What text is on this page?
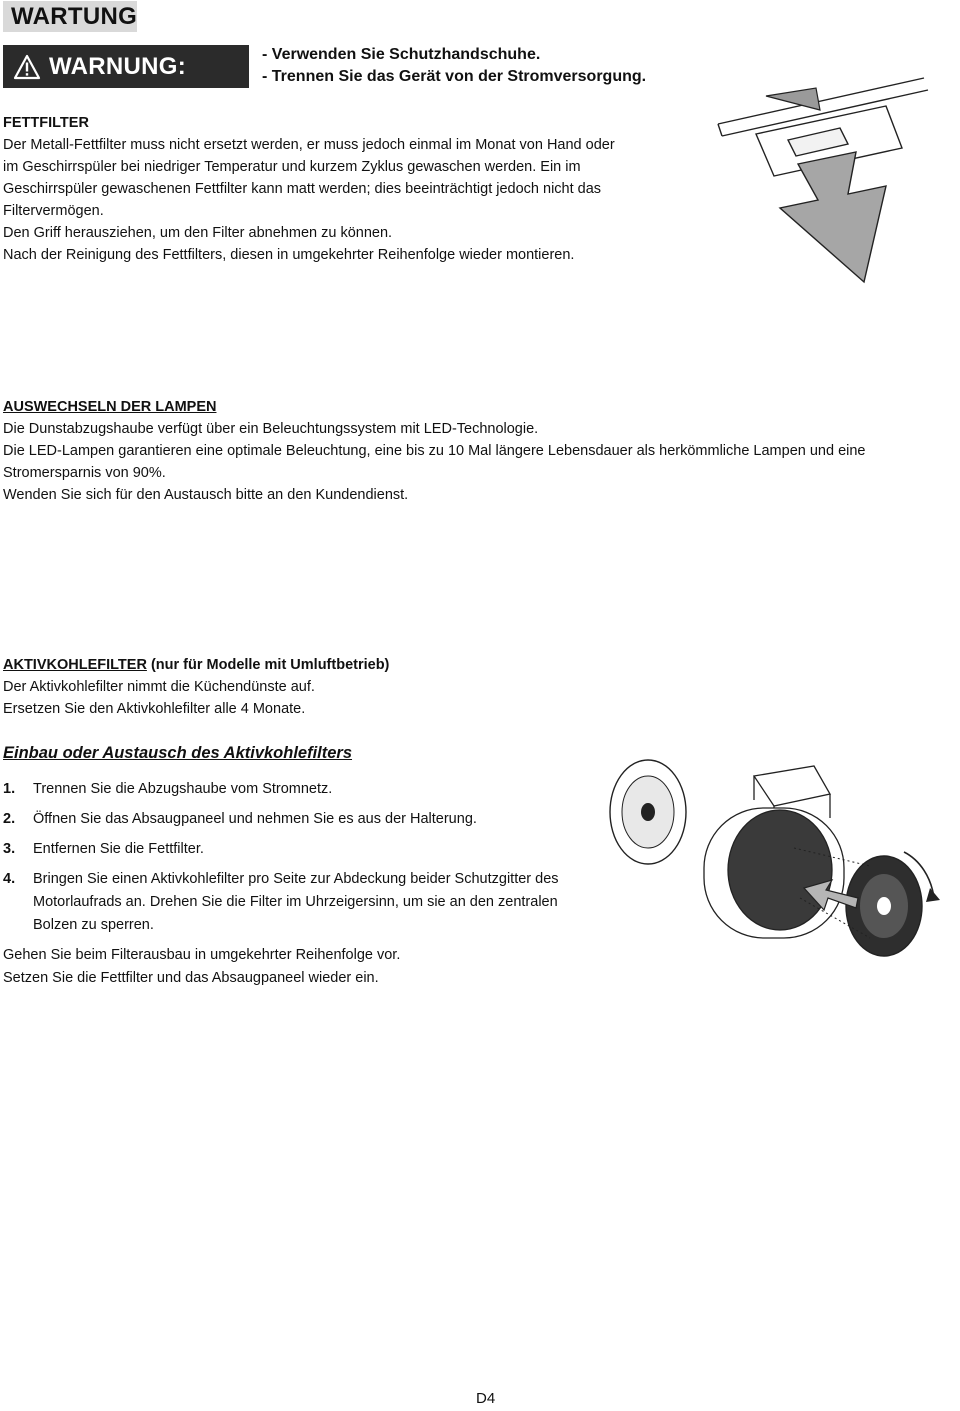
WARTUNG
WARNUNG:	- Verwenden Sie Schutzhandschuhe.
- Trennen Sie das Gerät von der Stromversorgung.

FETTFILTER

Der Metall-Fettfilter muss nicht ersetzt werden, er muss jedoch einmal im Monat von Hand oder im Geschirrspüler bei niedriger Temperatur und kurzem Zyklus gewaschen werden. Ein im Geschirrspüler gewaschenen Fettfilter kann matt werden; dies beeinträchtigt jedoch nicht das Filtervermögen.

Den Griff herausziehen, um den Filter abnehmen zu können.

Nach der Reinigung des Fettfilters, diesen in umgekehrter Reihenfolge wieder montieren.

AUSWECHSELN DER LAMPEN

Die Dunstabzugshaube verfügt über ein Beleuchtungssystem mit LED-Technologie.

Die LED-Lampen garantieren eine optimale Beleuchtung, eine bis zu 10 Mal längere Lebensdauer als herkömmliche Lampen und eine Stromersparnis von 90%.

Wenden Sie sich für den Austausch bitte an den Kundendienst.

AKTIVKOHLEFILTER (nur für Modelle mit Umluftbetrieb)

Der Aktivkohlefilter nimmt die Küchendünste auf.

Ersetzen Sie den Aktivkohlefilter alle 4 Monate.

Einbau oder Austausch des Aktivkohlefilters

1.	Trennen Sie die Abzugshaube vom Stromnetz.
2.	Öffnen Sie das Absaugpaneel und nehmen Sie es aus der Halterung.
3.	Entfernen Sie die Fettfilter.
4.	Bringen Sie einen Aktivkohlefilter pro Seite zur Abdeckung beider Schutzgitter des Motorlaufrads an. Drehen Sie die Filter im Uhrzeigersinn, um sie an den zentralen Bolzen zu sperren.

Gehen Sie beim Filterausbau in umgekehrter Reihenfolge vor.

Setzen Sie die Fettfilter und das Absaugpaneel wieder ein.

D4
